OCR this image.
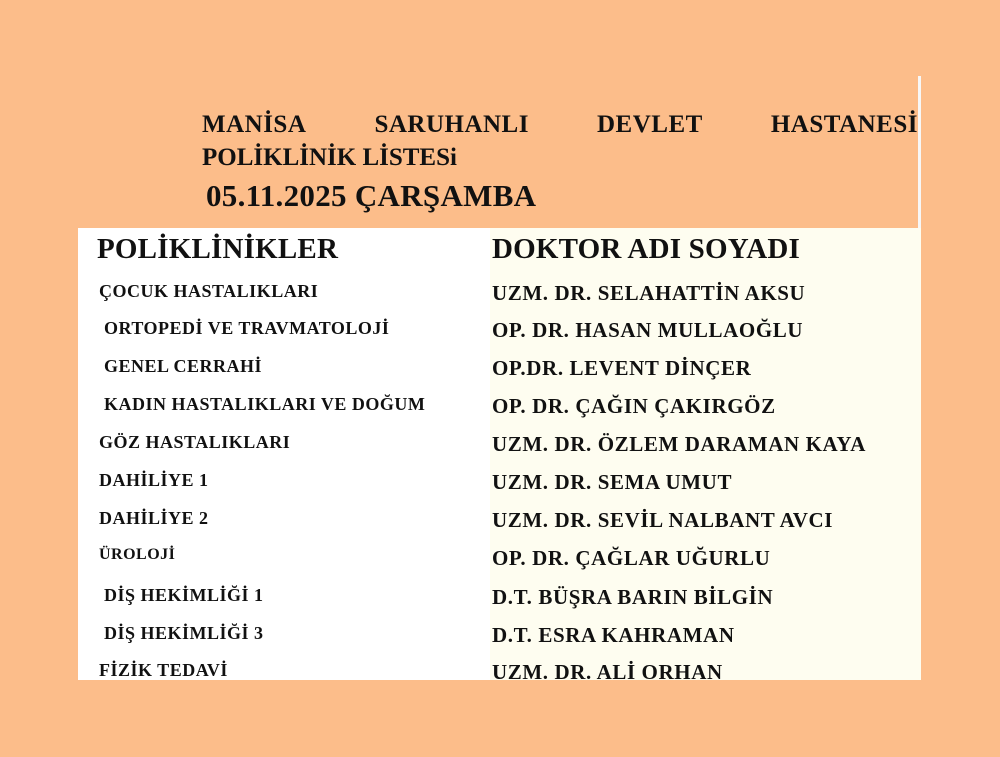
MANİSA	SARUHANLI	DEVLET	HASTANESİ
POLİKLİNİK LİSTESi
05.11.2025 ÇARŞAMBA
POLİKLİNİKLER	DOKTOR ADI SOYADI
ÇOCUK HASTALIKLARI	UZM. DR. SELAHATTİN AKSU
ORTOPEDİ VE TRAVMATOLOJİ	OP. DR. HASAN MULLAOĞLU
GENEL CERRAHİ	OP.DR. LEVENT DİNÇER
KADIN HASTALIKLARI VE DOĞUM	OP. DR. ÇAĞIN ÇAKIRGÖZ
GÖZ HASTALIKLARI	UZM. DR. ÖZLEM DARAMAN KAYA
DAHİLİYE 1	UZM. DR. SEMA UMUT
DAHİLİYE 2	UZM. DR. SEVİL NALBANT AVCI
ÜROLOJİ	OP. DR. ÇAĞLAR UĞURLU
DİŞ HEKİMLİĞİ 1	D.T. BÜŞRA BARIN BİLGİN
DİŞ HEKİMLİĞİ 3	D.T. ESRA KAHRAMAN
FİZİK TEDAVİ	UZM. DR. ALİ ORHAN
